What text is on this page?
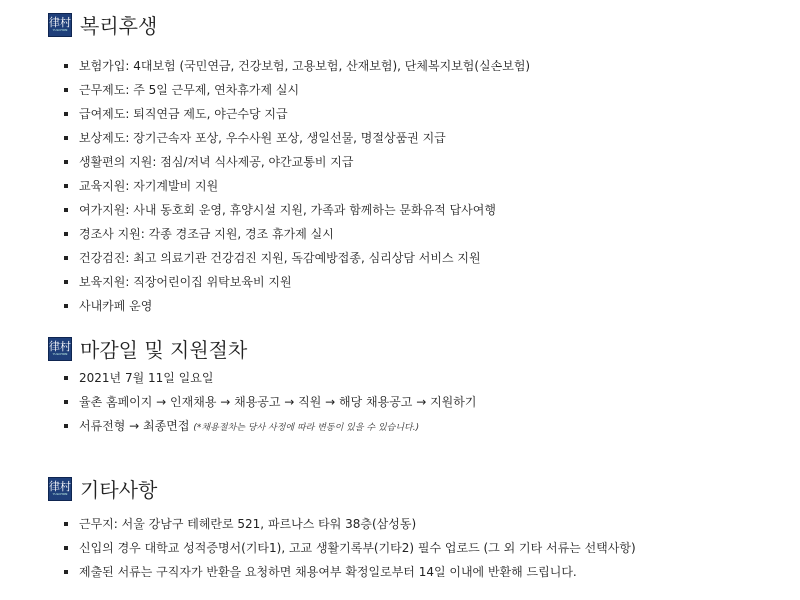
律村
YULCHON 복리후생
보험가입: 4대보험 (국민연금, 건강보험, 고용보험, 산재보험), 단체복지보험(실손보험)
근무제도: 주 5일 근무제, 연차휴가제 실시
급여제도: 퇴직연금 제도, 야근수당 지급
보상제도: 장기근속자 포상, 우수사원 포상, 생일선물, 명절상품권 지급
생활편의 지원: 점심/저녁 식사제공, 야간교통비 지급
교육지원: 자기계발비 지원
여가지원: 사내 동호회 운영, 휴양시설 지원, 가족과 함께하는 문화유적 답사여행
경조사 지원: 각종 경조금 지원, 경조 휴가제 실시
건강검진: 최고 의료기관 건강검진 지원, 독감예방접종, 심리상담 서비스 지원
보육지원: 직장어린이집 위탁보육비 지원
사내카페 운영
律村
YULCHON 마감일 및 지원절차
2021년 7월 11일 일요일
율촌 홈페이지 → 인재채용 → 채용공고 → 직원 → 해당 채용공고 → 지원하기
서류전형 → 최종면접 (*채용절차는 당사 사정에 따라 변동이 있을 수 있습니다.)
律村
YULCHON 기타사항
근무지: 서울 강남구 테헤란로 521, 파르나스 타워 38층(삼성동)
신입의 경우 대학교 성적증명서(기타1), 고교 생활기록부(기타2) 필수 업로드 (그 외 기타 서류는 선택사항)
제출된 서류는 구직자가 반환을 요청하면 채용여부 확정일로부터 14일 이내에 반환해 드립니다.
